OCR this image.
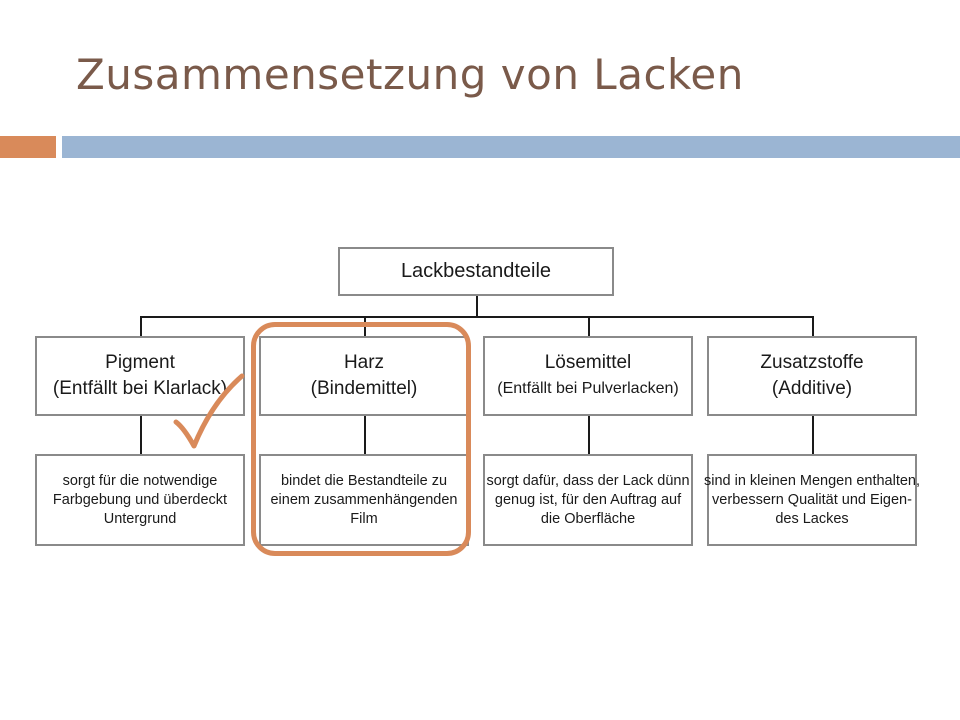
Zusammensetzung von Lacken
Lackbestandteile
Pigment
(Entfällt bei Klarlack)
sorgt für die notwendige
Farbgebung und überdeckt
Untergrund
Harz
(Bindemittel)
bindet die Bestandteile zu
einem zusammenhängenden
Film
Lösemittel
(Entfällt bei Pulverlacken)
sorgt dafür, dass der Lack dünn
genug ist, für den Auftrag auf
die Oberfläche
Zusatzstoffe
(Additive)
sind in kleinen Mengen enthalten,
verbessern Qualität und Eigen-
des Lackes
